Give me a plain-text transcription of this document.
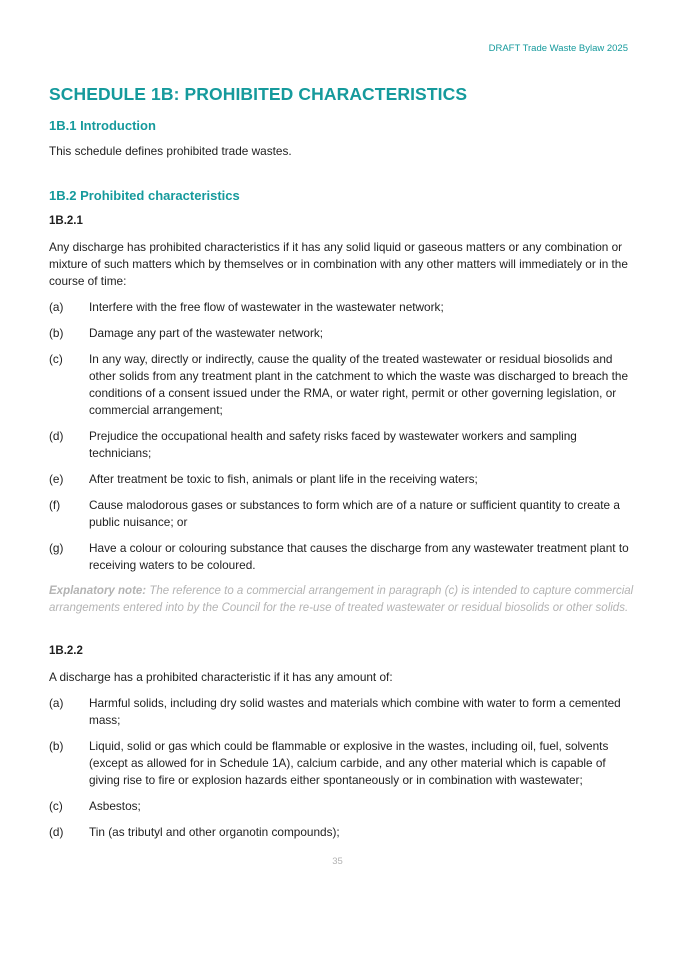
DRAFT Trade Waste Bylaw 2025
SCHEDULE 1B: PROHIBITED CHARACTERISTICS
1B.1 Introduction
This schedule defines prohibited trade wastes.
1B.2 Prohibited characteristics
1B.2.1
Any discharge has prohibited characteristics if it has any solid liquid or gaseous matters or any combination or mixture of such matters which by themselves or in combination with any other matters will immediately or in the course of time:
(a) Interfere with the free flow of wastewater in the wastewater network;
(b) Damage any part of the wastewater network;
(c) In any way, directly or indirectly, cause the quality of the treated wastewater or residual biosolids and other solids from any treatment plant in the catchment to which the waste was discharged to breach the conditions of a consent issued under the RMA, or water right, permit or other governing legislation, or commercial arrangement;
(d) Prejudice the occupational health and safety risks faced by wastewater workers and sampling technicians;
(e) After treatment be toxic to fish, animals or plant life in the receiving waters;
(f) Cause malodorous gases or substances to form which are of a nature or sufficient quantity to create a public nuisance; or
(g) Have a colour or colouring substance that causes the discharge from any wastewater treatment plant to receiving waters to be coloured.
Explanatory note: The reference to a commercial arrangement in paragraph (c) is intended to capture commercial arrangements entered into by the Council for the re-use of treated wastewater or residual biosolids or other solids.
1B.2.2
A discharge has a prohibited characteristic if it has any amount of:
(a) Harmful solids, including dry solid wastes and materials which combine with water to form a cemented mass;
(b) Liquid, solid or gas which could be flammable or explosive in the wastes, including oil, fuel, solvents (except as allowed for in Schedule 1A), calcium carbide, and any other material which is capable of giving rise to fire or explosion hazards either spontaneously or in combination with wastewater;
(c) Asbestos;
(d) Tin (as tributyl and other organotin compounds);
35
